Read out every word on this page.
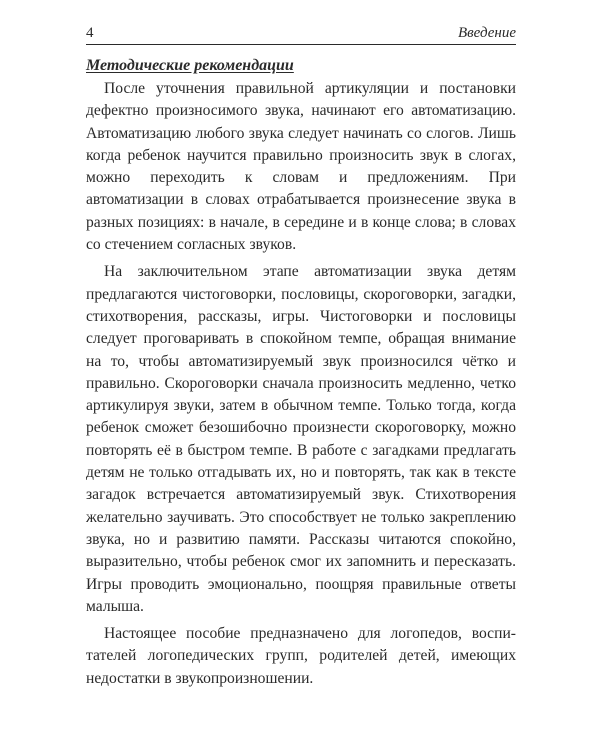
4	Введение
Методические рекомендации

После уточнения правильной артикуляции и постановки дефектно произносимого звука, начинают его автоматизацию. Автоматизацию любого звука следует начинать со слогов. Лишь когда ребенок научится правильно произносить звук в слогах, можно переходить к словам и предложениям. При автоматизации в словах отрабатывается произнесение звука в разных позициях: в начале, в середине и в конце слова; в словах со стечением согласных звуков.

На заключительном этапе автоматизации звука детям предлагаются чистоговорки, пословицы, скороговорки, загадки, стихотворения, рассказы, игры. Чистоговорки и пословицы следует проговаривать в спокойном темпе, обращая внимание на то, чтобы автоматизируемый звук произносился чётко и правильно. Скороговорки сначала произносить медленно, четко артикулируя звуки, затем в обычном темпе. Только тогда, когда ребенок сможет безошибочно произнести скороговорку, можно повторять её в быстром темпе. В работе с загадками предлагать детям не только отгадывать их, но и повторять, так как в тексте загадок встречается автоматизируемый звук. Стихотворения желательно заучивать. Это способствует не только закреплению звука, но и развитию памяти. Рассказы читаются спокойно, выразительно, чтобы ребенок смог их запомнить и пересказать. Игры проводить эмоционально, поощряя правильные ответы малыша.

Настоящее пособие предназначено для логопедов, воспитателей логопедических групп, родителей детей, имеющих недостатки в звукопроизношении.
